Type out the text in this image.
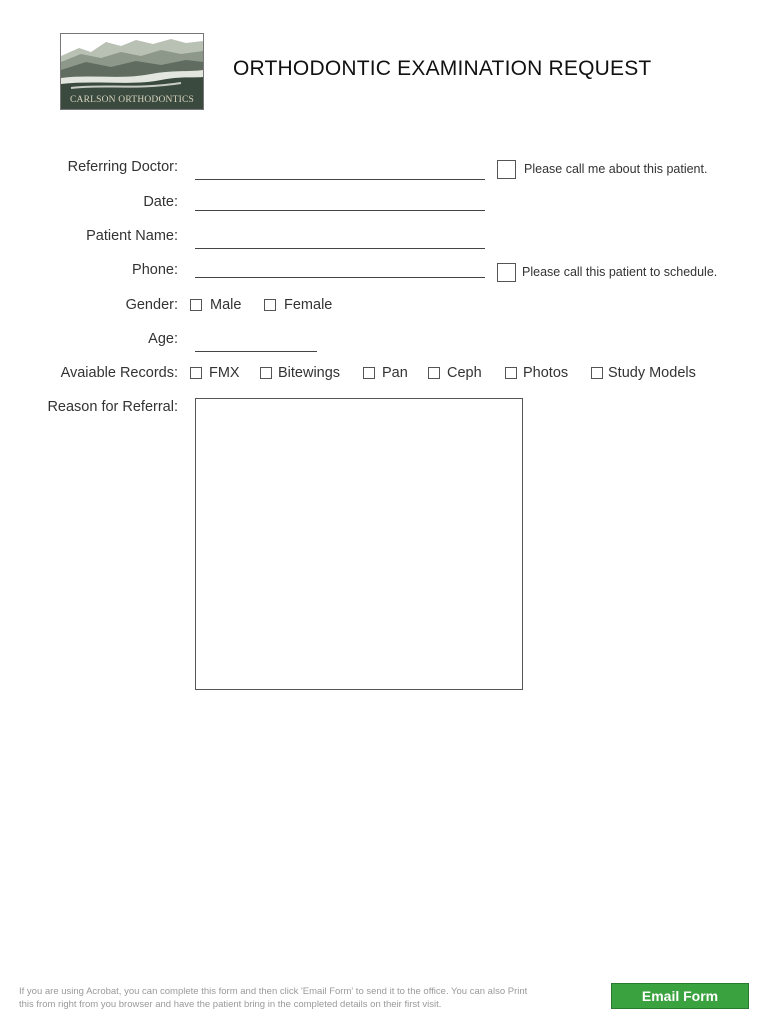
CARLSON ORTHODONTICS
ORTHODONTIC EXAMINATION REQUEST
Referring Doctor:	Please call me about this patient.
Date:
Patient Name:
Phone:	Please call this patient to schedule.
Gender: Male	Female
Age:
Avaiable Records: FMX	Bitewings	Pan	Ceph	Photos	Study Models
Reason for Referral:
If you are using Acrobat, you can complete this form and then click 'Email Form' to send it to the office. You can also Print this from right from you browser and have the patient bring in the completed details on their first visit.
Email Form
